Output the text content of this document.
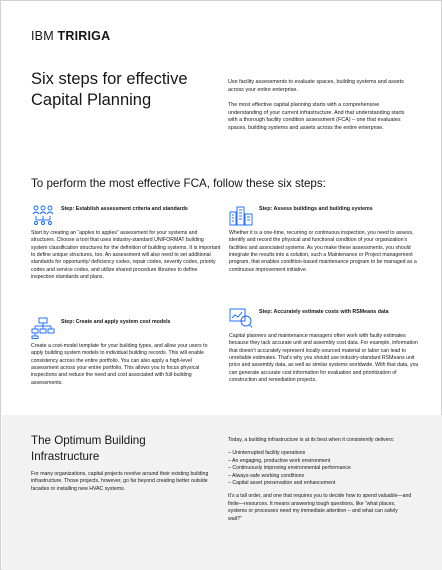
IBM TRIRIGA
Six steps for effective Capital Planning

Use facility assessments to evaluate spaces, building systems and assets across your entire enterprise.

The most effective capital planning starts with a comprehensive understanding of your current infrastructure. And that understanding starts with a thorough facility condition assessment (FCA) – one that evaluates spaces, building systems and assets across the entire enterprise.

To perform the most effective FCA, follow these six steps:
Step: Establish assessment criteria and standards
Start by creating an “apples to apples” assessment for your systems and structures. Choose a tool that uses industry-standard UNIFORMAT building system classification structures for the definition of building systems. It is important to define unique structures, too. An assessment will also need to set additional standards for opportunity/ deficiency codes, repair codes, severity codes, priority codes and service codes, and utilize shared procedure libraries to define inspection standards and plans.
Step: Assess buildings and building systems
Whether it is a one-time, recurring or continuous inspection, you need to assess, identify and record the physical and functional condition of your organization’s facilities and associated systems. As you make these assessments, you should integrate the results into a solution, such a Maintenance or Project management program, that enables condition-based maintenance program to be managed as a continuous improvement initiative.
Step: Create and apply system cost models
Create a cost-model template for your building types, and allow your users to apply building system models to individual building records. This will enable consistency across the entire portfolio. You can also apply a high-level assessment across your entire portfolio. This allows you to focus physical inspections and reduce the need and cost associated with full-building assessments.
Step: Accurately estimate costs with RSMeans data
Capital planners and maintenance managers often work with faulty estimates because they lack accurate unit and assembly cost data. For example, information that doesn’t accurately represent locally-sourced material or labor can lead to unreliable estimates. That’s why you should use industry-standard RSMeans unit price and assembly data, as well as similar systems worldwide. With that data, you can generate accurate cost information for evaluation and prioritization of construction and remediation projects.
The Optimum Building Infrastructure
For many organizations, capital projects revolve around their existing building infrastructure. Those projects, however, go far beyond creating better outside facades or installing new HVAC systems.

Today, a building infrastructure is at its best when it consistently delivers:

– Uninterrupted facility operations
– An engaging, productive work environment
– Continuously improving environmental performance
– Always-safe working conditions
– Capital asset preservation and enhancement

It’s a tall order, and one that requires you to decide how to spend valuable—and finite—resources. It means answering tough questions, like “what places, systems or processes need my immediate attention – and what can safely wait?”
